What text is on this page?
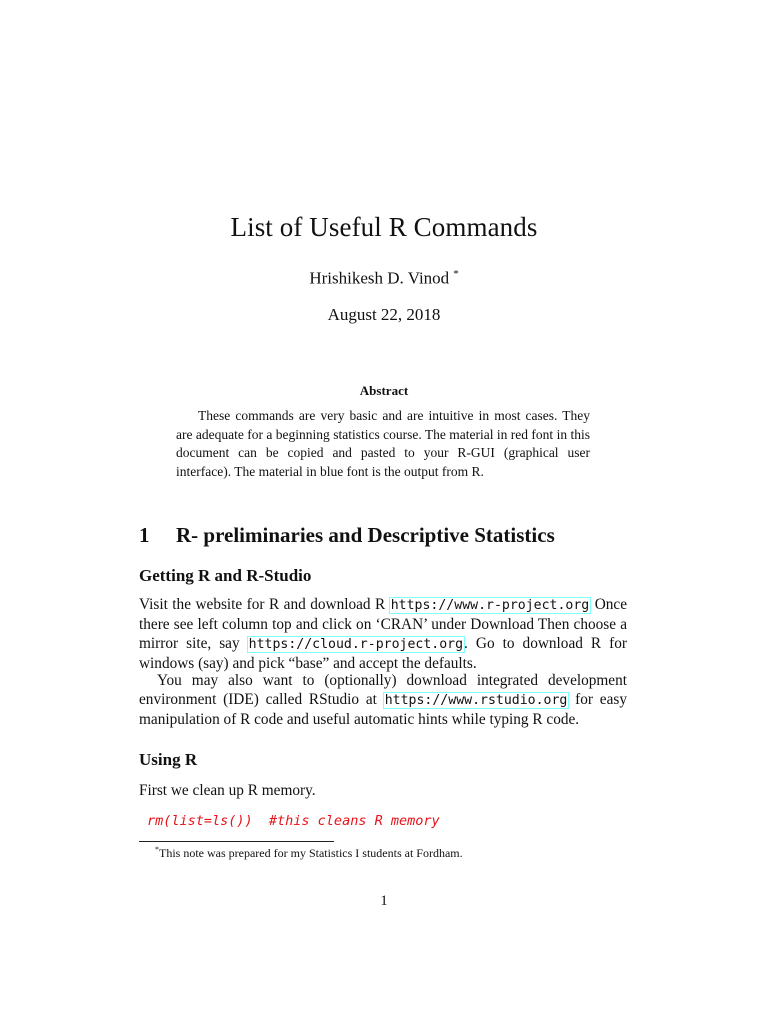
List of Useful R Commands
Hrishikesh D. Vinod *
August 22, 2018
Abstract
These commands are very basic and are intuitive in most cases. They are adequate for a beginning statistics course. The material in red font in this document can be copied and pasted to your R-GUI (graphical user interface). The material in blue font is the output from R.
1 R- preliminaries and Descriptive Statistics
Getting R and R-Studio
Visit the website for R and download R https://www.r-project.org Once there see left column top and click on ‘CRAN’ under Download Then choose a mirror site, say https://cloud.r-project.org. Go to download R for windows (say) and pick “base” and accept the defaults.
You may also want to (optionally) download integrated development environment (IDE) called RStudio at https://www.rstudio.org for easy manipulation of R code and useful automatic hints while typing R code.
Using R
First we clean up R memory.
rm(list=ls())  #this cleans R memory
*This note was prepared for my Statistics I students at Fordham.
1
